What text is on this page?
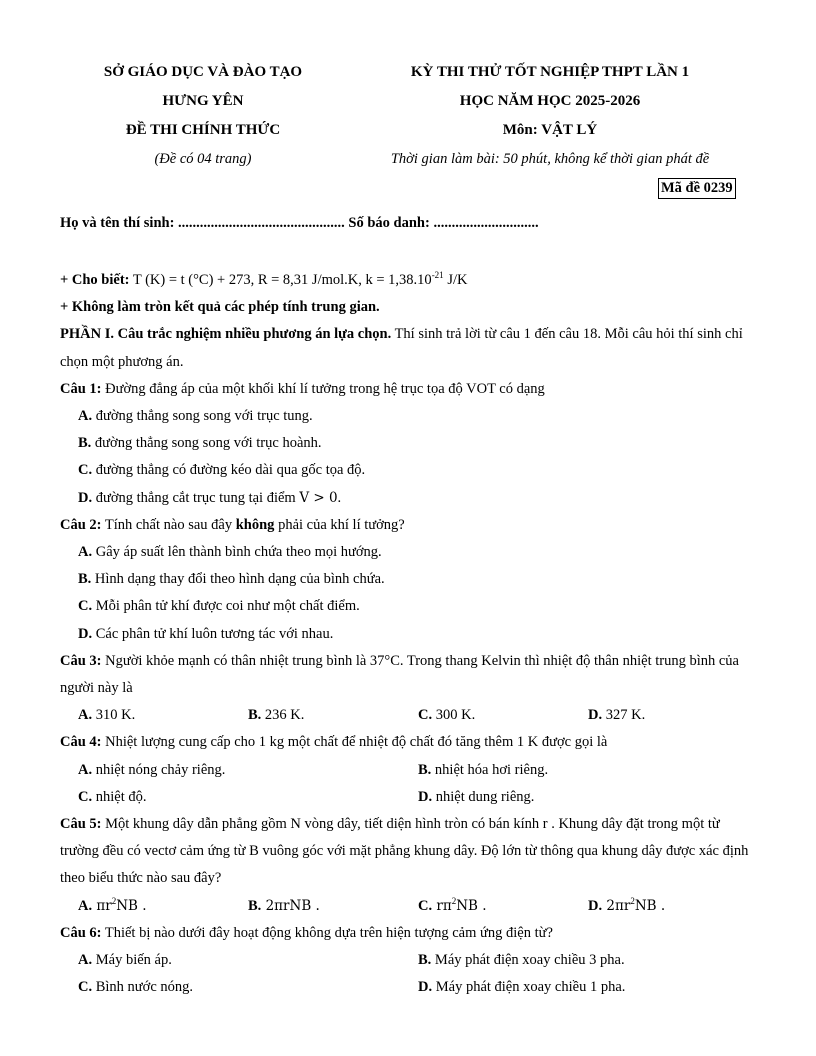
SỞ GIÁO DỤC VÀ ĐÀO TẠO
HƯNG YÊN
ĐỀ THI CHÍNH THỨC
(Đề có 04 trang)
KỲ THI THỬ TỐT NGHIỆP THPT LẦN 1
HỌC NĂM HỌC 2025-2026
Môn: VẬT LÝ
Thời gian làm bài: 50 phút, không kể thời gian phát đề
Mã đề 0239
Họ và tên thí sinh: .............................................. Số báo danh: .............................

+ Cho biết: T (K) = t (°C) + 273, R = 8,31 J/mol.K, $k = 1,38.10^{-21}$ J/K

+ Không làm tròn kết quả các phép tính trung gian.

PHẦN I. Câu trắc nghiệm nhiều phương án lựa chọn. Thí sinh trả lời từ câu 1 đến câu 18. Mỗi câu hỏi thí sinh chỉ chọn một phương án.

Câu 1: Đường đẳng áp của một khối khí lí tưởng trong hệ trục tọa độ VOT có dạng

A. đường thẳng song song với trục tung.

B. đường thẳng song song với trục hoành.

C. đường thẳng có đường kéo dài qua gốc tọa độ.

D. đường thẳng cắt trục tung tại điểm V > 0.

Câu 2: Tính chất nào sau đây không phải của khí lí tưởng?

A. Gây áp suất lên thành bình chứa theo mọi hướng.

B. Hình dạng thay đổi theo hình dạng của bình chứa.

C. Mỗi phân tử khí được coi như một chất điểm.

D. Các phân tử khí luôn tương tác với nhau.

Câu 3: Người khỏe mạnh có thân nhiệt trung bình là 37°C. Trong thang Kelvin thì nhiệt độ thân nhiệt trung bình của người này là

A. 310 K.	B. 236 K.	C. 300 K.	D. 327 K.

Câu 4: Nhiệt lượng cung cấp cho 1 kg một chất để nhiệt độ chất đó tăng thêm 1 K được gọi là

A. nhiệt nóng chảy riêng.	B. nhiệt hóa hơi riêng.
C. nhiệt độ.	D. nhiệt dung riêng.

Câu 5: Một khung dây dẫn phẳng gồm N vòng dây, tiết diện hình tròn có bán kính r . Khung dây đặt trong một từ trường đều có vectơ cảm ứng từ B vuông góc với mặt phẳng khung dây. Độ lớn từ thông qua khung dây được xác định theo biểu thức nào sau đây?

A. $\pi r^2NB$ .	B. 2πrNB .	C. $r\pi^2NB$ .	D. $2\pi r^2NB$ .

Câu 6: Thiết bị nào dưới đây hoạt động không dựa trên hiện tượng cảm ứng điện từ?

A. Máy biến áp.	B. Máy phát điện xoay chiều 3 pha.
C. Bình nước nóng.	D. Máy phát điện xoay chiều 1 pha.
